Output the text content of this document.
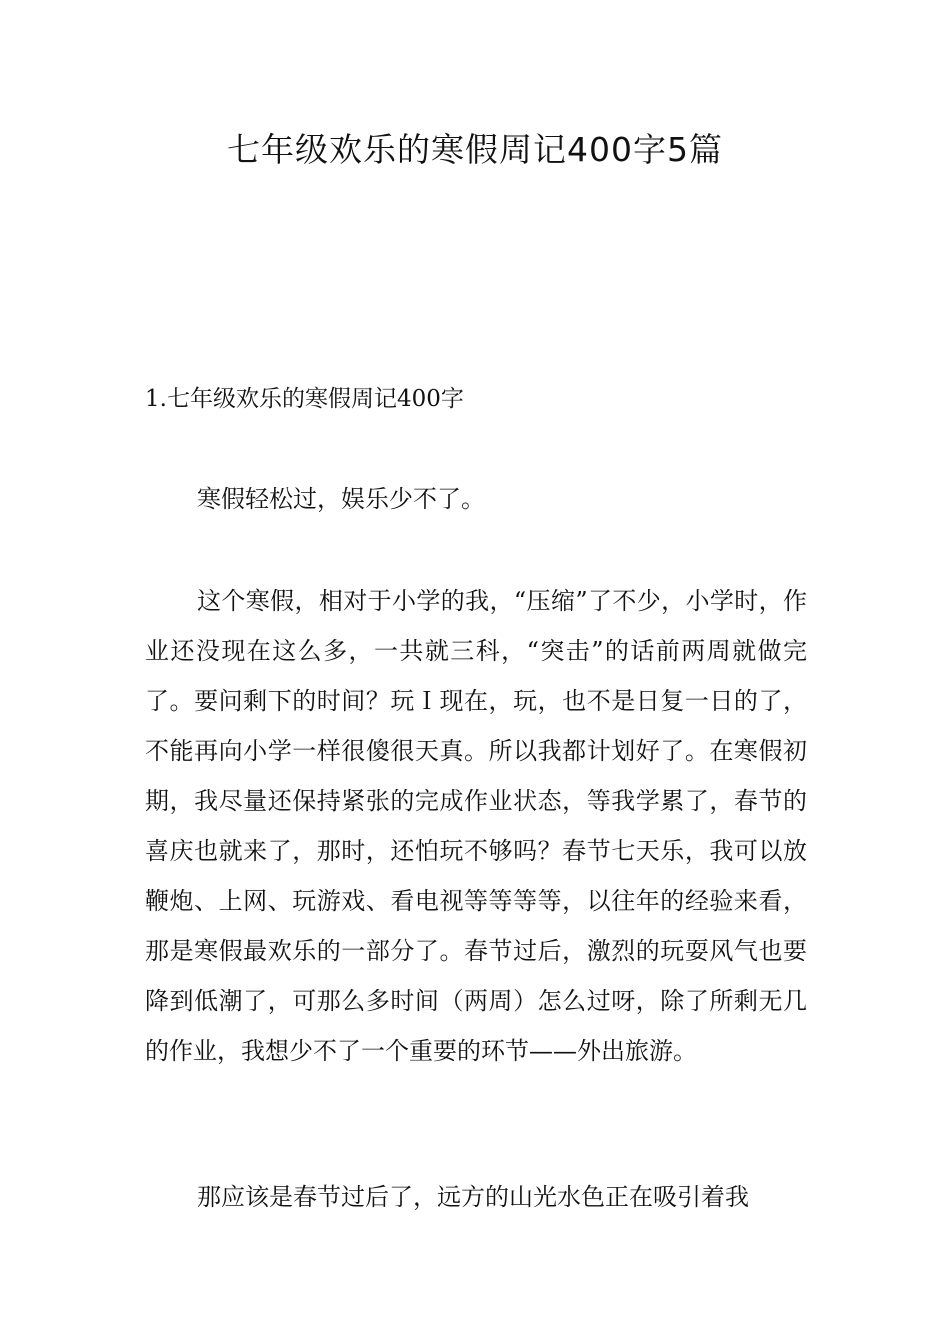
七年级欢乐的寒假周记400字5篇
1.七年级欢乐的寒假周记400字

寒假轻松过，娱乐少不了。

这个寒假，相对于小学的我，“压缩”了不少，小学时，作业还没现在这么多，一共就三科，“突击”的话前两周就做完了。要问剩下的时间？玩Ｉ现在，玩，也不是日复一日的了，不能再向小学一样很傻很天真。所以我都计划好了。在寒假初期，我尽量还保持紧张的完成作业状态，等我学累了，春节的喜庆也就来了，那时，还怕玩不够吗？春节七天乐，我可以放鞭炮、上网、玩游戏、看电视等等等等，以往年的经验来看，那是寒假最欢乐的一部分了。春节过后，激烈的玩耍风气也要降到低潮了，可那么多时间（两周）怎么过呀，除了所剩无几的作业，我想少不了一个重要的环节——外出旅游。

那应该是春节过后了，远方的山光水色正在吸引着我
